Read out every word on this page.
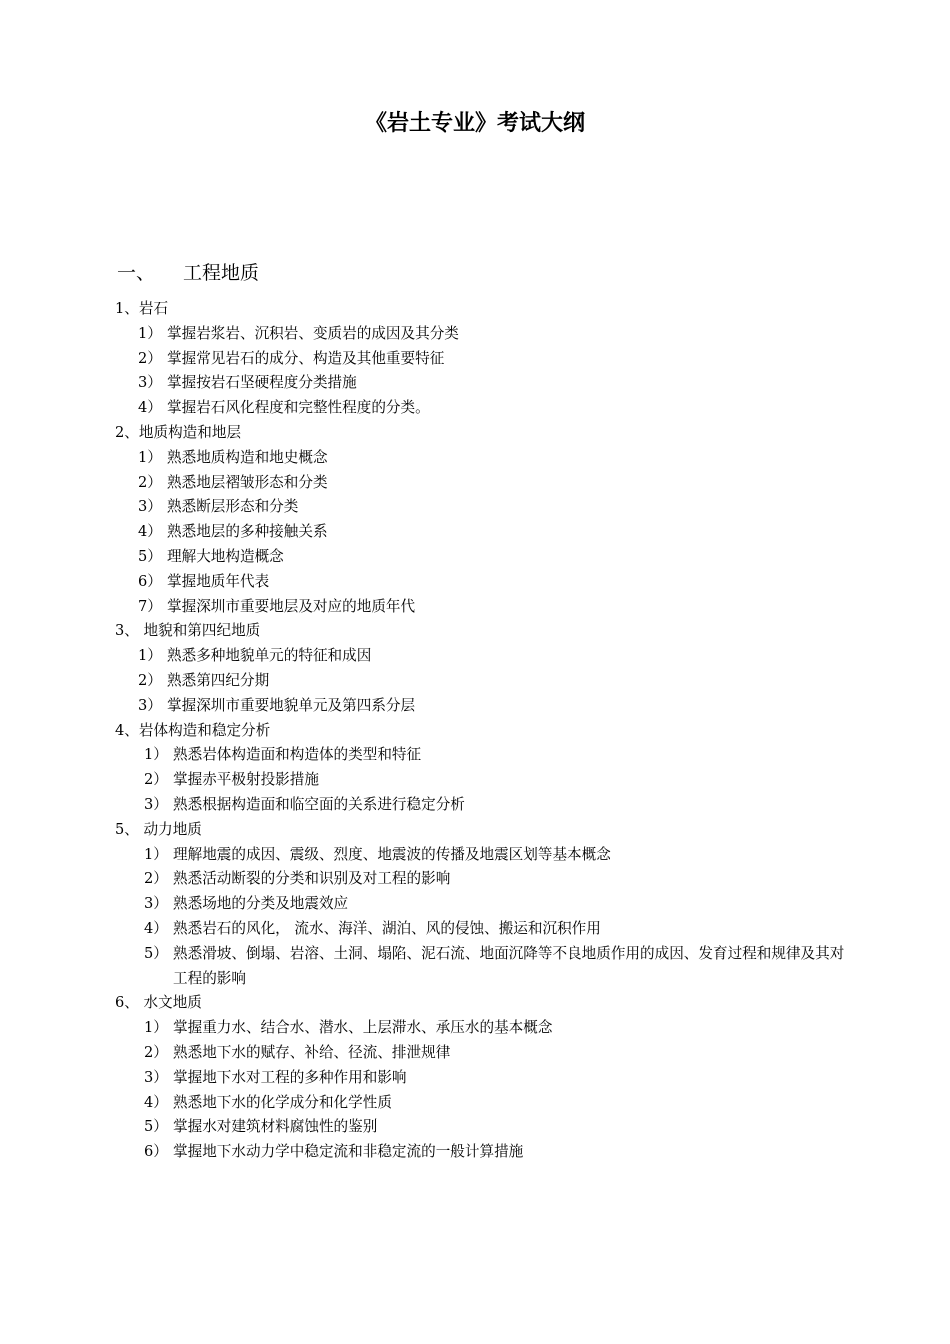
《岩土专业》考试大纲
一、 工程地质
1、岩石
1） 掌握岩浆岩、沉积岩、变质岩的成因及其分类
2） 掌握常见岩石的成分、构造及其他重要特征
3） 掌握按岩石坚硬程度分类措施
4） 掌握岩石风化程度和完整性程度的分类。
2、地质构造和地层
1） 熟悉地质构造和地史概念
2） 熟悉地层褶皱形态和分类
3） 熟悉断层形态和分类
4） 熟悉地层的多种接触关系
5） 理解大地构造概念
6） 掌握地质年代表
7） 掌握深圳市重要地层及对应的地质年代
3、 地貌和第四纪地质
1） 熟悉多种地貌单元的特征和成因
2） 熟悉第四纪分期
3） 掌握深圳市重要地貌单元及第四系分层
4、岩体构造和稳定分析
1） 熟悉岩体构造面和构造体的类型和特征
2） 掌握赤平极射投影措施
3） 熟悉根据构造面和临空面的关系进行稳定分析
5、 动力地质
1） 理解地震的成因、震级、烈度、地震波的传播及地震区划等基本概念
2） 熟悉活动断裂的分类和识别及对工程的影响
3） 熟悉场地的分类及地震效应
4） 熟悉岩石的风化， 流水、海洋、湖泊、风的侵蚀、搬运和沉积作用
5） 熟悉滑坡、倒塌、岩溶、土洞、塌陷、泥石流、地面沉降等不良地质作用的成因、发育过程和规律及其对工程的影响
6、 水文地质
1） 掌握重力水、结合水、潜水、上层滞水、承压水的基本概念
2） 熟悉地下水的赋存、补给、径流、排泄规律
3） 掌握地下水对工程的多种作用和影响
4） 熟悉地下水的化学成分和化学性质
5） 掌握水对建筑材料腐蚀性的鉴别
6） 掌握地下水动力学中稳定流和非稳定流的一般计算措施
